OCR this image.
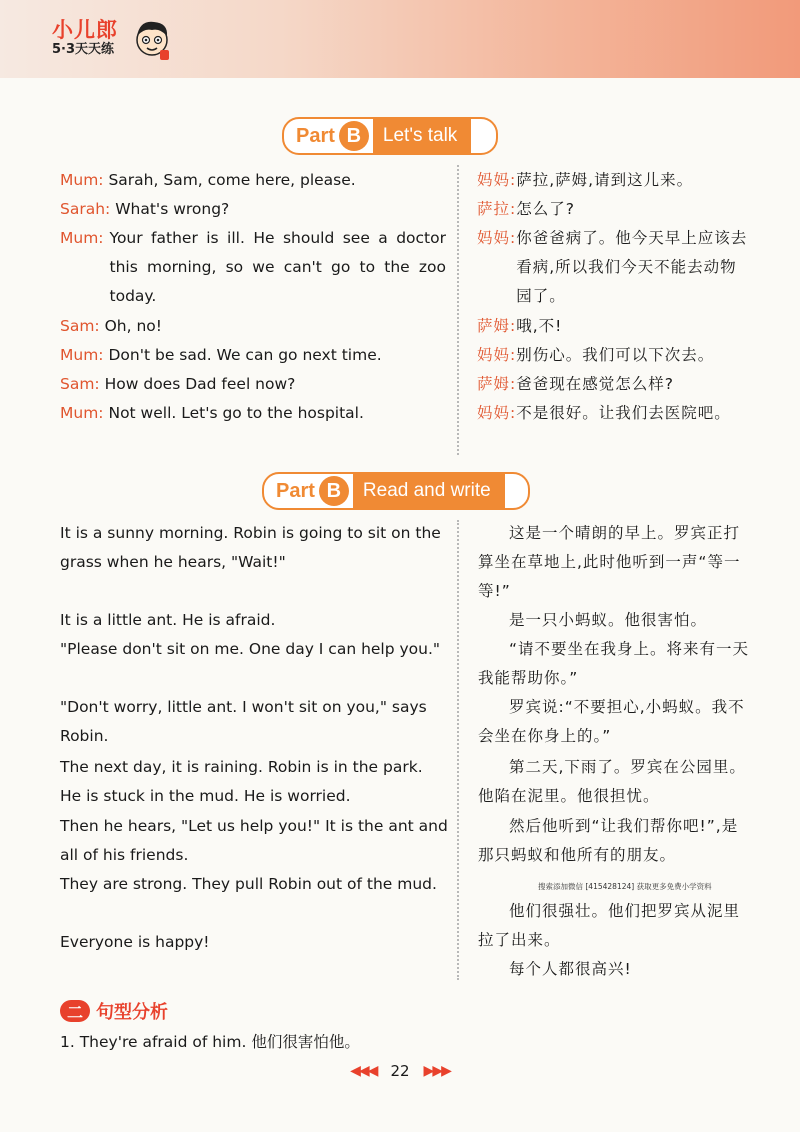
小儿郎
5·3天天练
Part B	Let's talk
Mum: Sarah, Sam, come here, please.
Sarah: What's wrong?
Mum: Your father is ill. He should see a doctor this morning, so we can't go to the zoo today.
Sam: Oh, no!
Mum: Don't be sad. We can go next time.
Sam: How does Dad feel now?
Mum: Not well. Let's go to the hospital.
妈妈:萨拉,萨姆,请到这儿来。
萨拉:怎么了?
妈妈: 你爸爸病了。他今天早上应该去看病,所以我们今天不能去动物园了。
萨姆:哦,不!
妈妈:别伤心。我们可以下次去。
萨姆:爸爸现在感觉怎么样?
妈妈: 不是很好。让我们去医院吧。
Part B	Read and write
It is a sunny morning. Robin is going to sit on the grass when he hears, "Wait!"
It is a little ant. He is afraid.
"Please don't sit on me. One day I can help you."
"Don't worry, little ant. I won't sit on you," says Robin.
The next day, it is raining. Robin is in the park. He is stuck in the mud. He is worried.
Then he hears, "Let us help you!" It is the ant and all of his friends.
They are strong. They pull Robin out of the mud.
Everyone is happy!
这是一个晴朗的早上。罗宾正打算坐在草地上,此时他听到一声“等一等!”
是一只小蚂蚁。他很害怕。
“请不要坐在我身上。将来有一天我能帮助你。”
罗宾说:“不要担心,小蚂蚁。我不会坐在你身上的。”
第二天,下雨了。罗宾在公园里。他陷在泥里。他很担忧。
然后他听到“让我们帮你吧!”,是那只蚂蚁和他所有的朋友。
搜索添加微信 [415428124] 获取更多免费小学资料
他们很强壮。他们把罗宾从泥里拉了出来。
每个人都很高兴!
二 句型分析
1. They're afraid of him. 他们很害怕他。
◀◀◀ 22 ▶▶▶
